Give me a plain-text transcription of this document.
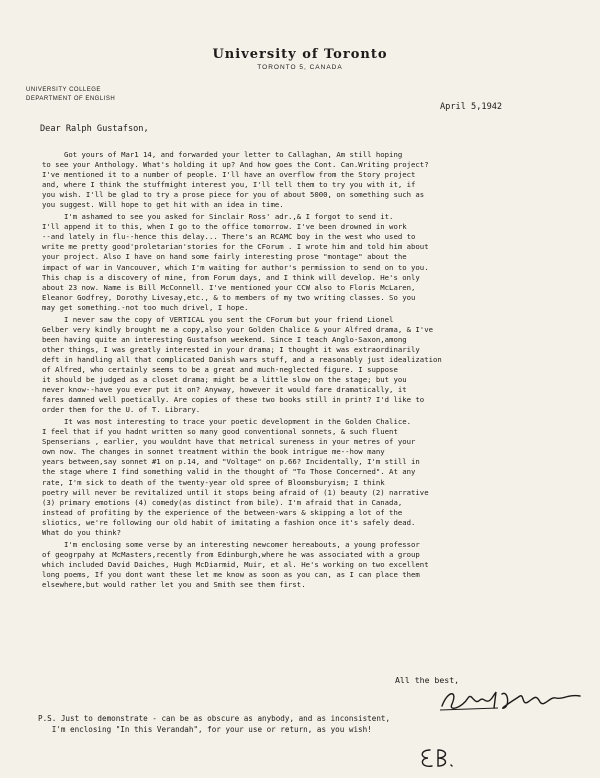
University of Toronto
TORONTO 5, CANADA
UNIVERSITY COLLEGE
DEPARTMENT OF ENGLISH
April 5,1942
Dear Ralph Gustafson,
Got yours of Mar1 14, and forwarded your letter to Callaghan, Am still hoping
to see your Anthology. What's holding it up? And how goes the Cont. Can.Writing project?
I've mentioned it to a number of people. I'll have an overflow from the Story project
and, where I think the stuffmight interest you, I'll tell them to try you with it, if
you wish. I'll be glad to try a prose piece for you of about 5000, on something such as
you suggest. Will hope to get hit with an idea in time.
I'm ashamed to see you asked for Sinclair Ross' adr.,& I forgot to send it.
I'll append it to this, when I go to the office tomorrow. I've been drowned in work
--and lately in flu--hence this delay... There's an RCAMC boy in the west who used to
write me pretty good'proletarian'stories for the CForum . I wrote him and told him about
your project. Also I have on hand some fairly interesting prose "montage" about the
impact of war in Vancouver, which I'm waiting for author's permission to send on to you.
This chap is a discovery of mine, from Forum days, and I think will develop. He's only
about 23 now. Name is Bill McConnell. I've mentioned your CCW also to Floris McLaren,
Eleanor Godfrey, Dorothy Livesay,etc., & to members of my two writing classes. So you
may get something.-not too much drivel, I hope.
I never saw the copy of VERTICAL you sent the CForum but your friend Lionel
Gelber very kindly brought me a copy,also your Golden Chalice & your Alfred drama, & I've
been having quite an interesting Gustafson weekend. Since I teach Anglo-Saxon,among
other things, I was greatly interested in your drama; I thought it was extraordinarily
deft in handling all that complicated Danish wars stuff, and a reasonably just idealization
of Alfred, who certainly seems to be a great and much-neglected figure. I suppose
it should be judged as a closet drama; might be a little slow on the stage; but you
never know--have you ever put it on? Anyway, however it would fare dramatically, it
fares damned well poetically. Are copies of these two books still in print? I'd like to
order them for the U. of T. Library.
It was most interesting to trace your poetic development in the Golden Chalice.
I feel that if you hadnt written so many good conventional sonnets, & such fluent
Spenserians , earlier, you wouldnt have that metrical sureness in your metres of your
own now. The changes in sonnet treatment within the book intrigue me--how many
years between,say sonnet #1 on p.14, and "Voltage" on p.66? Incidentally, I'm still in
the stage where I find something valid in the thought of "To Those Concerned". At any
rate, I'm sick to death of the twenty-year old spree of Bloomsburyism; I think
poetry will never be revitalized until it stops being afraid of (1) beauty (2) narrative
(3) primary emotions (4) comedy(as distinct from bile). I'm afraid that in Canada,
instead of profiting by the experience of the between-wars & skipping a lot of the
sliotics, we're following our old habit of imitating a fashion once it's safely dead.
What do you think?
I'm enclosing some verse by an interesting newcomer hereabouts, a young professor
of geogrpahy at McMasters,recently from Edinburgh,where he was associated with a group
which included David Daiches, Hugh McDiarmid, Muir, et al. He's working on two excellent
long poems, If you dont want these let me know as soon as you can, as I can place them
elsewhere,but would rather let you and Smith see them first.
All the best,
P.S. Just to demonstrate - can be as obscure as anybody, and as inconsistent,
I'm enclosing "In this Verandah", for your use or return, as you wish!
